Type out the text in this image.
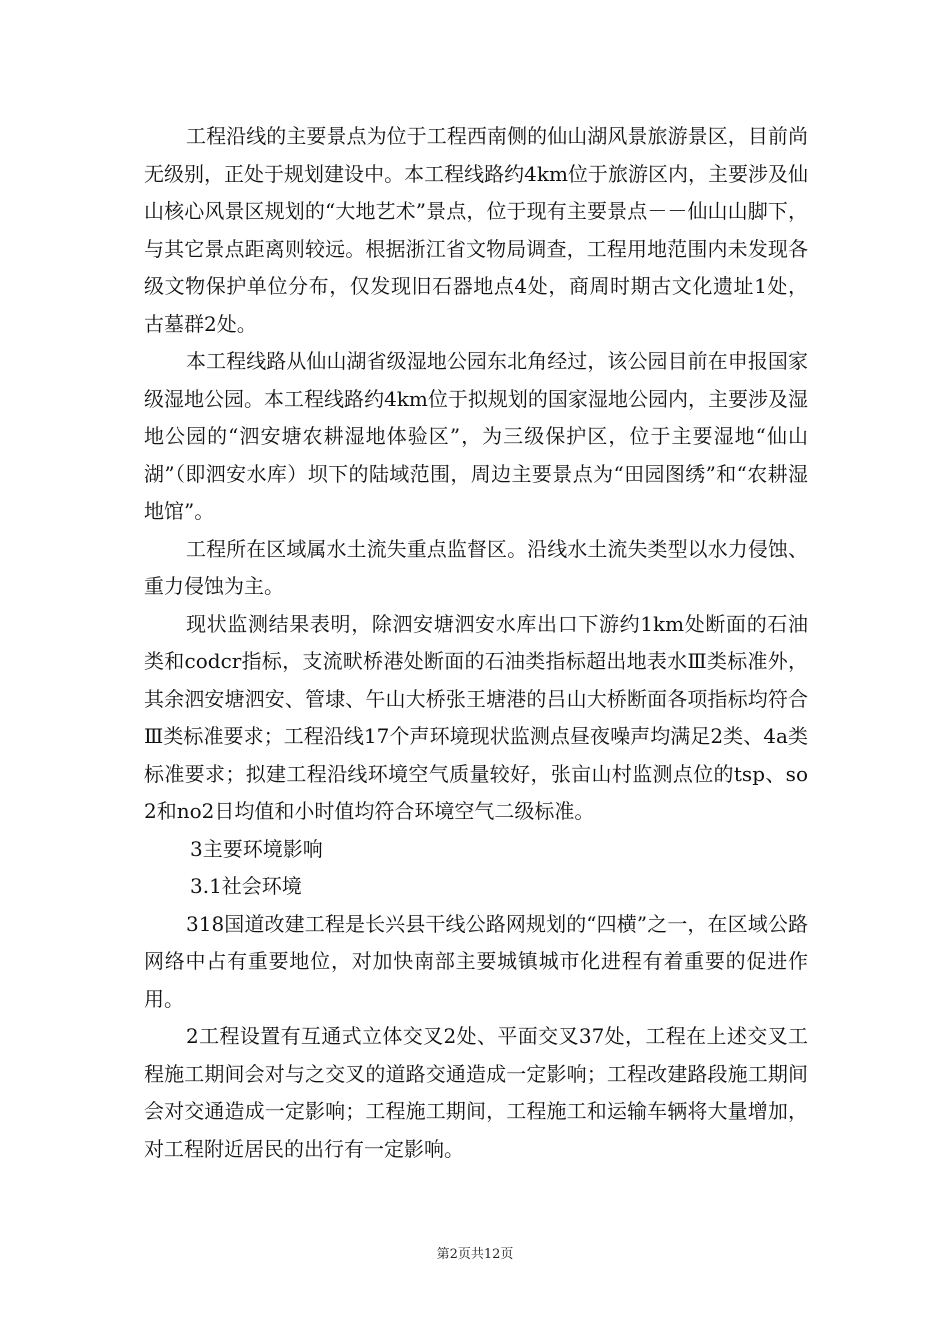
工程沿线的主要景点为位于工程西南侧的仙山湖风景旅游景区，目前尚无级别，正处于规划建设中。本工程线路约4km位于旅游区内，主要涉及仙山核心风景区规划的“大地艺术”景点，位于现有主要景点－－仙山山脚下，与其它景点距离则较远。根据浙江省文物局调查，工程用地范围内未发现各级文物保护单位分布，仅发现旧石器地点4处，商周时期古文化遗址1处，古墓群2处。

本工程线路从仙山湖省级湿地公园东北角经过，该公园目前在申报国家级湿地公园。本工程线路约4km位于拟规划的国家湿地公园内，主要涉及湿地公园的“泗安塘农耕湿地体验区”，为三级保护区，位于主要湿地“仙山湖”（即泗安水库）坝下的陆域范围，周边主要景点为“田园图绣”和“农耕湿地馆”。

工程所在区域属水土流失重点监督区。沿线水土流失类型以水力侵蚀、重力侵蚀为主。

现状监测结果表明，除泗安塘泗安水库出口下游约1km处断面的石油类和codcr指标，支流畎桥港处断面的石油类指标超出地表水Ⅲ类标准外，其余泗安塘泗安、管埭、午山大桥张王塘港的吕山大桥断面各项指标均符合Ⅲ类标准要求；工程沿线17个声环境现状监测点昼夜噪声均满足2类、4a类标准要求；拟建工程沿线环境空气质量较好，张亩山村监测点位的tsp、so2和no2日均值和小时值均符合环境空气二级标准。

3主要环境影响

3.1社会环境

318国道改建工程是长兴县干线公路网规划的“四横”之一，在区域公路网络中占有重要地位，对加快南部主要城镇城市化进程有着重要的促进作用。

2工程设置有互通式立体交叉2处、平面交叉37处，工程在上述交叉工程施工期间会对与之交叉的道路交通造成一定影响；工程改建路段施工期间会对交通造成一定影响；工程施工期间，工程施工和运输车辆将大量增加，对工程附近居民的出行有一定影响。

第2页共12页
